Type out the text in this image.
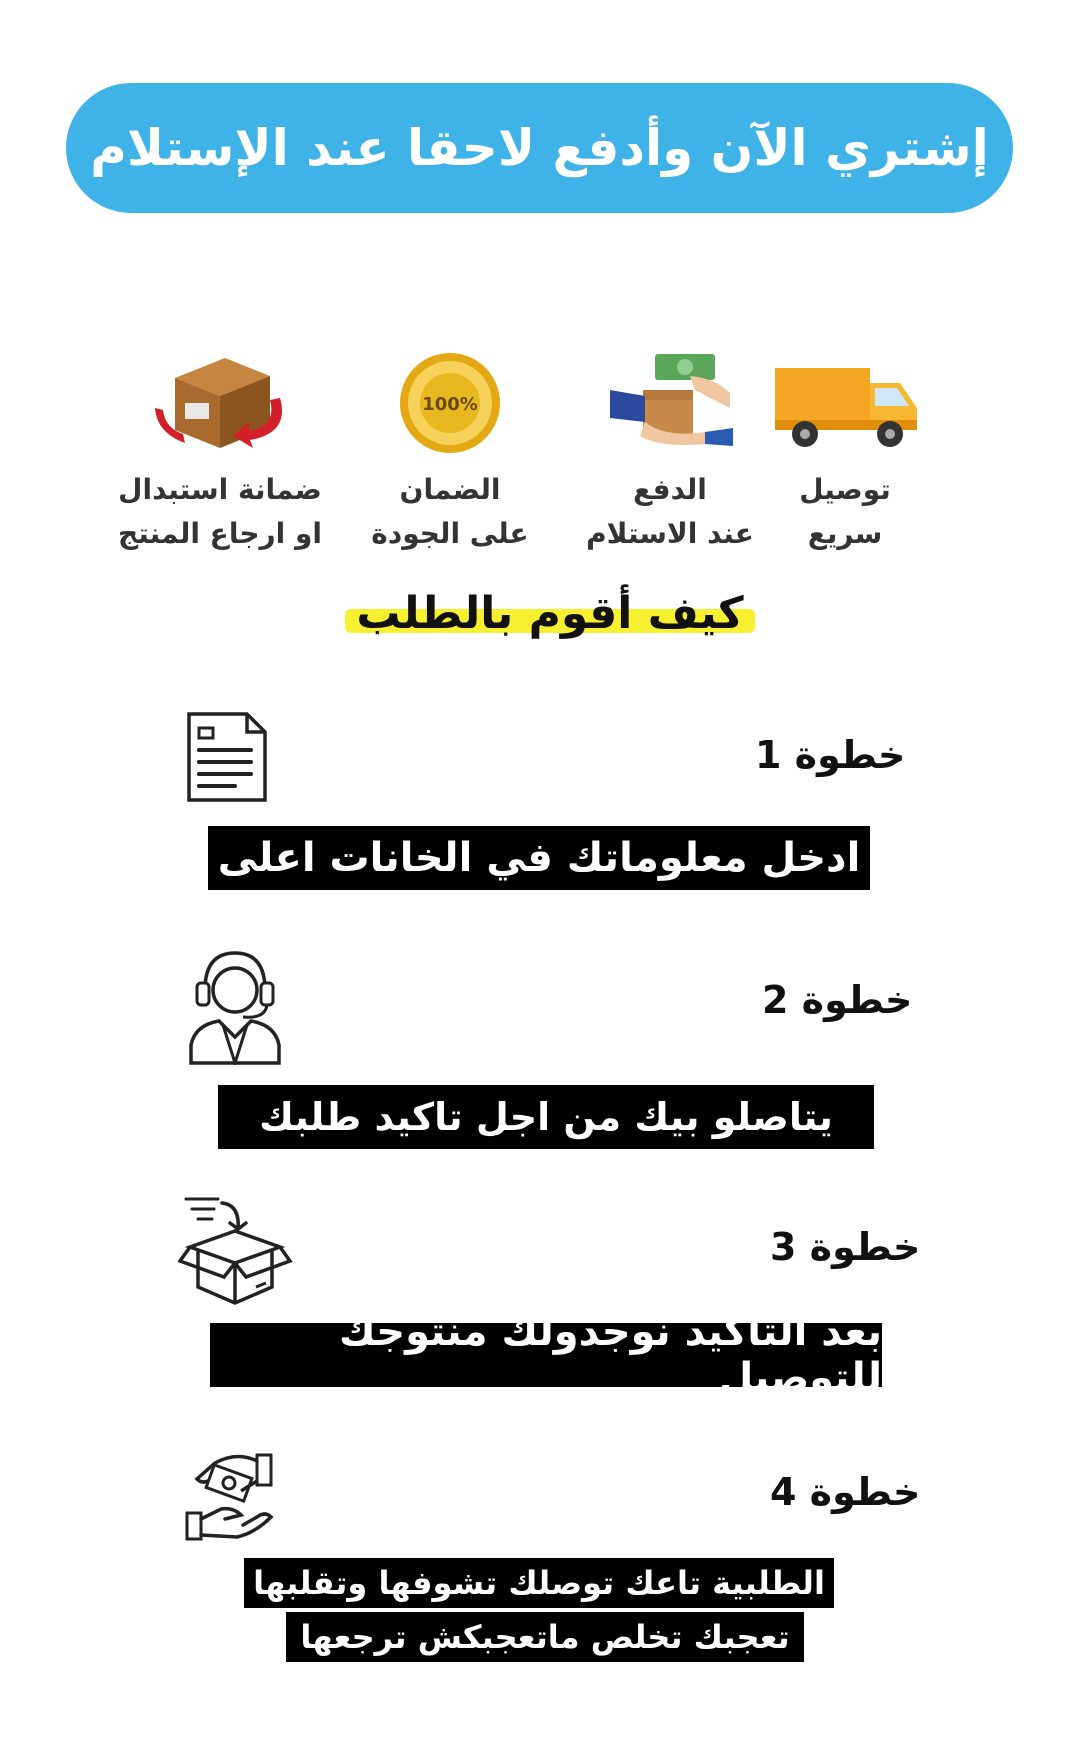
إشتري الآن وأدفع لاحقا عند الإستلام
توصيل
سريع
الدفع
عند الاستلام
100%
الضمان
على الجودة
ضمانة استبدال
او ارجاع المنتج
كيف أقوم بالطلب
خطوة 1
ادخل معلوماتك في الخانات اعلى
خطوة 2
يتاصلو بيك من اجل تاكيد طلبك
خطوة 3
بعد التاكيد نوجدولك منتوجك للتوصيل
خطوة 4
الطلبية تاعك توصلك تشوفها وتقلبها
تعجبك تخلص ماتعجبكش ترجعها
